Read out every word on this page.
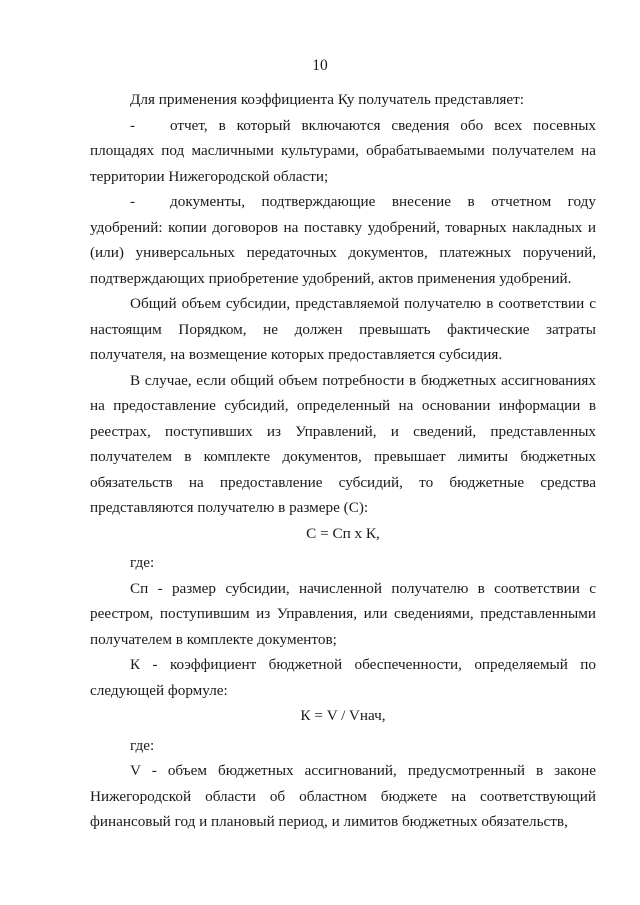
10

Для применения коэффициента Ку получатель представляет:

- отчет, в который включаются сведения обо всех посевных площадях под масличными культурами, обрабатываемыми получателем на территории Нижегородской области;

- документы, подтверждающие внесение в отчетном году удобрений: копии договоров на поставку удобрений, товарных накладных и (или) универсальных передаточных документов, платежных поручений, подтверждающих приобретение удобрений, актов применения удобрений.

Общий объем субсидии, представляемой получателю в соответствии с настоящим Порядком, не должен превышать фактические затраты получателя, на возмещение которых предоставляется субсидия.

В случае, если общий объем потребности в бюджетных ассигнованиях на предоставление субсидий, определенный на основании информации в реестрах, поступивших из Управлений, и сведений, представленных получателем в комплекте документов, превышает лимиты бюджетных обязательств на предоставление субсидий, то бюджетные средства представляются получателю в размере (С):

С = Сп х К,

где:

Сп - размер субсидии, начисленной получателю в соответствии с реестром, поступившим из Управления, или сведениями, представленными получателем в комплекте документов;

К - коэффициент бюджетной обеспеченности, определяемый по следующей формуле:

К = V / Vнач,

где:

V - объем бюджетных ассигнований, предусмотренный в законе Нижегородской области об областном бюджете на соответствующий финансовый год и плановый период, и лимитов бюджетных обязательств,
